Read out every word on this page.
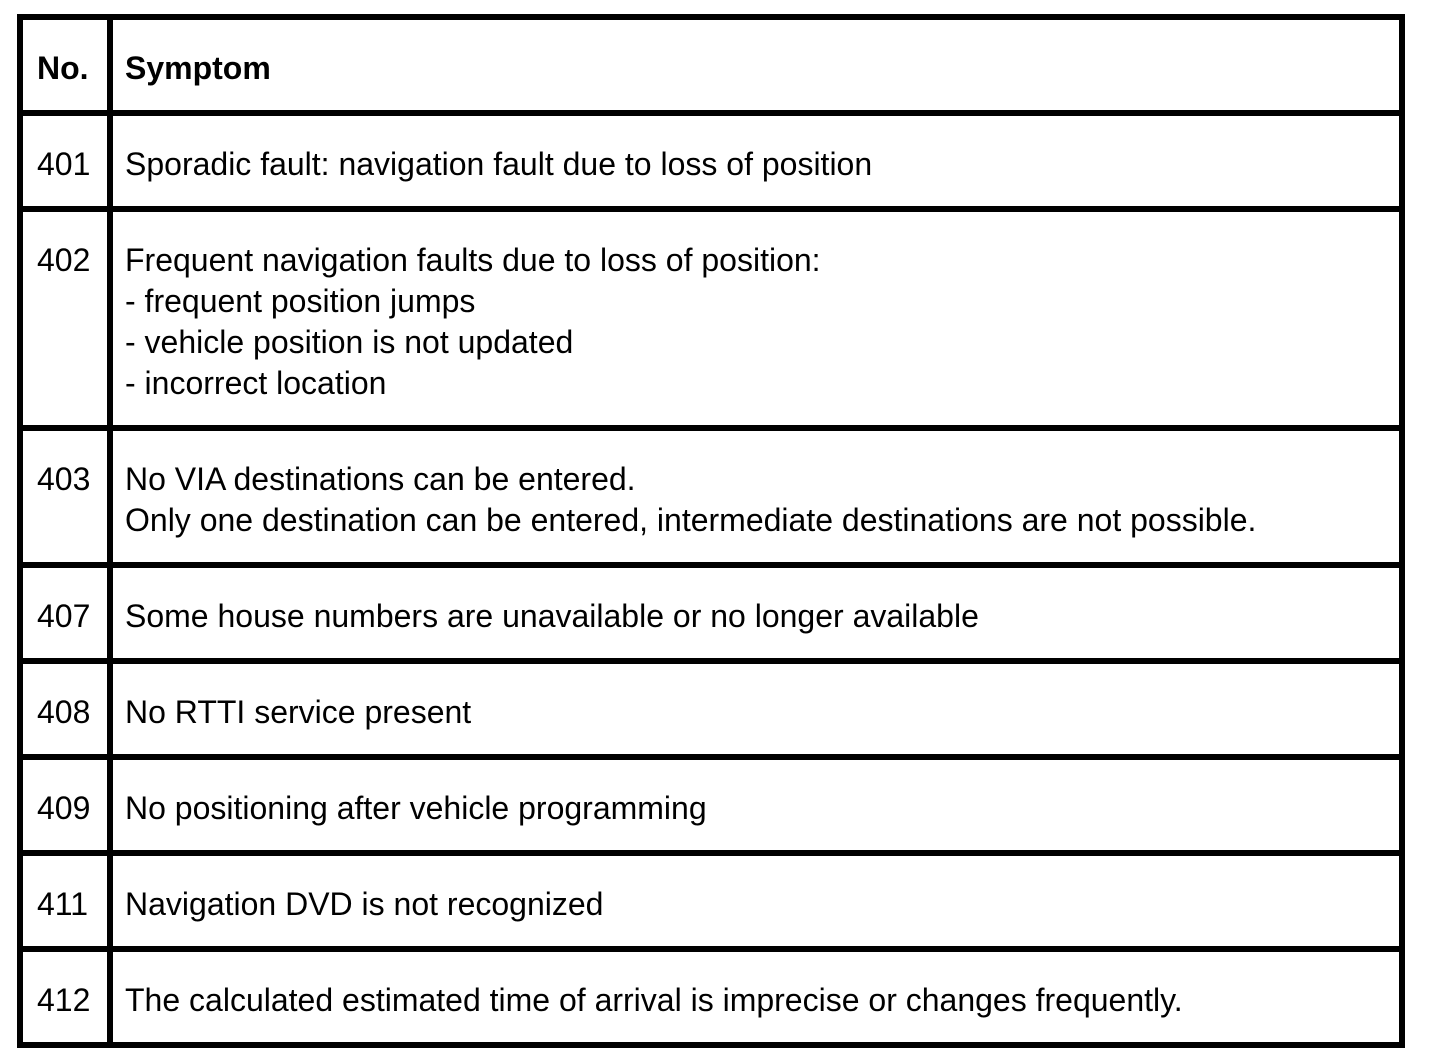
No.	Symptom
401	Sporadic fault: navigation fault due to loss of position

402	Frequent navigation faults due to loss of position:
- frequent position jumps
- vehicle position is not updated
- incorrect location

403	No VIA destinations can be entered.
Only one destination can be entered, intermediate destinations are not possible.

407	Some house numbers are unavailable or no longer available

408	No RTTI service present

409	No positioning after vehicle programming

411	Navigation DVD is not recognized

412	The calculated estimated time of arrival is imprecise or changes frequently.
